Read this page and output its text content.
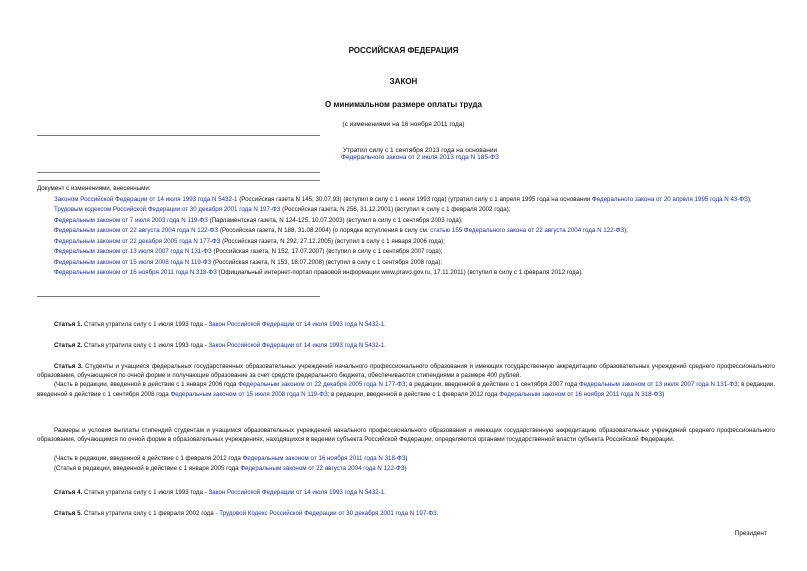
РОССИЙСКАЯ ФЕДЕРАЦИЯ
ЗАКОН
О минимальном размере оплаты труда
(с изменениями на 16 ноября 2011 года)
Утратил силу с 1 сентября 2013 года на основании
Федерального закона от 2 июля 2013 года N 185-ФЗ
Документ с изменениями, внесенными:
Законом Российской Федерации от 14 июля 1993 года N 5432-1 (Российская газета N 145, 30.07.93) (вступил в силу с 1 июля 1993 года) (утратил силу с 1 апреля 1995 года на основании Федерального закона от 20 апреля 1995 года N 43-ФЗ);
Трудовым кодексом Российской Федерации от 30 декабря 2001 года N 197-ФЗ (Российская газета, N 256, 31.12.2001) (вступил в силу с 1 февраля 2002 года);
Федеральным законом от 7 июля 2003 года N 119-ФЗ (Парламентская газета, N 124-125, 10.07.2003) (вступил в силу с 1 сентября 2003 года);
Федеральным законом от 22 августа 2004 года N 122-ФЗ (Российская газета, N 188, 31.08.2004) (о порядке вступления в силу см. статью 155 Федерального закона от 22 августа 2004 года N 122-ФЗ);
Федеральным законом от 22 декабря 2005 года N 177-ФЗ (Российская газета, N 292, 27.12.2005) (вступил в силу с 1 января 2006 года);
Федеральным законом от 13 июля 2007 года N 131-ФЗ (Российская газета, N 152, 17.07.2007) (вступил в силу с 1 сентября 2007 года);
Федеральным законом от 15 июля 2008 года N 119-ФЗ (Российская газета, N 153, 18.07.2008) (вступил в силу с 1 сентября 2008 года);
Федеральным законом от 16 ноября 2011 года N 318-ФЗ (Официальный интернет-портал правовой информации www.pravo.gov.ru, 17.11.2011) (вступил в силу с 1 февраля 2012 года).
Статья 1. Статья утратила силу с 1 июля 1993 года - Закон Российской Федерации от 14 июля 1993 года N 5432-1.
Статья 2. Статья утратила силу с 1 июля 1993 года - Закон Российской Федерации от 14 июля 1993 года N 5432-1.
Статья 3. Студенты и учащиеся федеральных государственных образовательных учреждений начального профессионального образования и имеющих государственную аккредитацию образовательных учреждений среднего профессионального образования, обучающиеся по очной форме и получающие образование за счет средств федерального бюджета, обеспечиваются стипендиями в размере 400 рублей.
(Часть в редакции, введенной в действие с 1 января 2006 года Федеральным законом от 22 декабря 2005 года N 177-ФЗ; в редакции, введенной в действие с 1 сентября 2007 года Федеральным законом от 13 июля 2007 года N 131-ФЗ; в редакции, введенной в действие с 1 сентября 2008 года Федеральным законом от 15 июля 2008 года N 119-ФЗ; в редакции, введенной в действие с 1 февраля 2012 года Федеральным законом от 16 ноября 2011 года N 318-ФЗ)
Размеры и условия выплаты стипендий студентам и учащимся образовательных учреждений начального профессионального образования и имеющих государственную аккредитацию образовательных учреждений среднего профессионального образования, обучающимся по очной форме в образовательных учреждениях, находящихся в ведении субъекта Российской Федерации, определяются органами государственной власти субъекта Российской Федерации.
(Часть в редакции, введенной в действие с 1 февраля 2012 года Федеральным законом от 16 ноября 2011 года N 318-ФЗ)
(Статья в редакции, введенной в действие с 1 января 2005 года Федеральным законом от 22 августа 2004 года N 122-ФЗ)
Статья 4. Статья утратила силу с 1 июля 1993 года - Закон Российской Федерации от 14 июля 1993 года N 5432-1.
Статья 5. Статья утратила силу с 1 февраля 2002 года - Трудовой Кодекс Российской Федерации от 30 декабря 2001 года N 197-ФЗ.
Президент
